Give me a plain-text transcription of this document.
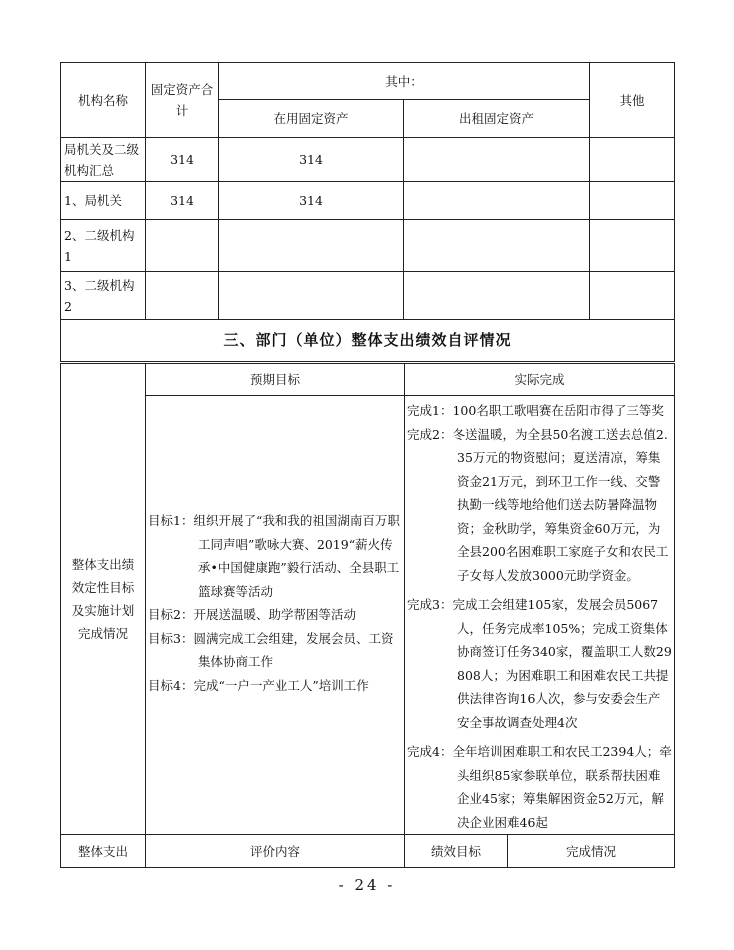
机构名称	固定资产合计	其中：		其他
		在用固定资产	出租固定资产	
局机关及二级机构汇总	314	314		
1、局机关	314	314		
2、二级机构1				
3、二级机构2				
三、部门（单位）整体支出绩效自评情况				
整体支出绩效定性目标及实施计划完成情况	预期目标	实际完成

目标1：组织开展了“我和我的祖国湖南百万职工同声唱”歌咏大赛、2019“薪火传承•中国健康跑”毅行活动、全县职工篮球赛等活动
目标2：开展送温暖、助学帮困等活动
目标3：圆满完成工会组建，发展会员、工资集体协商工作
目标4：完成“一户一产业工人”培训工作

完成1：100名职工歌唱赛在岳阳市得了三等奖
完成2：冬送温暖，为全县50名渡工送去总值2.35万元的物资慰问；夏送清凉，筹集资金21万元，到环卫工作一线、交警执勤一线等地给他们送去防暑降温物资；金秋助学，筹集资金60万元，为全县200名困难职工家庭子女和农民工子女每人发放3000元助学资金。
完成3：完成工会组建105家，发展会员5067人，任务完成率105%；完成工资集体协商签订任务340家，覆盖职工人数29808人；为困难职工和困难农民工共提供法律咨询16人次，参与安委会生产安全事故调查处理4次
完成4：全年培训困难职工和农民工2394人；牵头组织85家参联单位，联系帮扶困难企业45家；筹集解困资金52万元，解决企业困难46起

整体支出	评价内容		绩效目标	完成情况
- 24 -
